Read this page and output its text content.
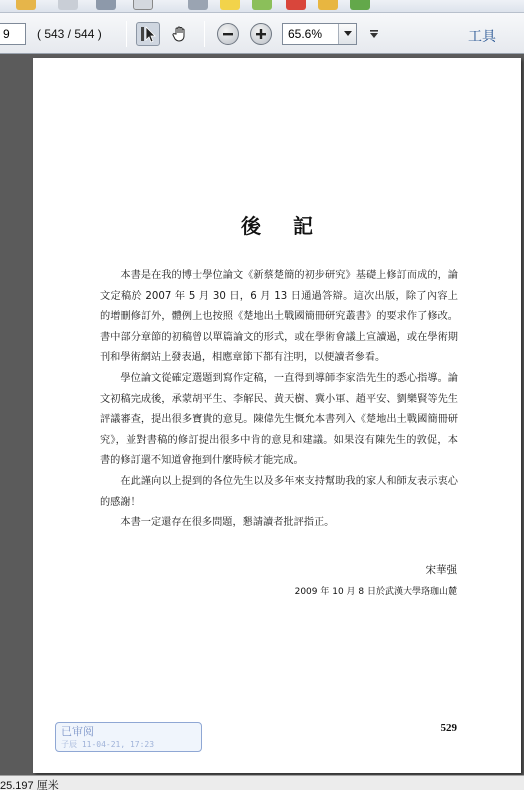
9	( 543 / 544 )	65.6%	工具
後記

本書是在我的博士學位論文《新蔡楚簡的初步研究》基礎上修訂而成的，論文定稿於 2007 年 5 月 30 日，6 月 13 日通過答辯。這次出版，除了內容上的增刪修訂外，體例上也按照《楚地出土戰國簡冊研究叢書》的要求作了修改。書中部分章節的初稿曾以單篇論文的形式，或在學術會議上宣讀過，或在學術期刊和學術網站上發表過，相應章節下都有注明，以便讀者參看。

學位論文從確定選題到寫作定稿，一直得到導師李家浩先生的悉心指導。論文初稿完成後，承蒙胡平生、李解民、黄天樹、冀小軍、趙平安、劉樂賢等先生評議審查，提出很多寶貴的意見。陳偉先生慨允本書列入《楚地出土戰國簡冊研究》，並對書稿的修訂提出很多中肯的意見和建議。如果沒有陳先生的敦促，本書的修訂還不知道會拖到什麼時候才能完成。

在此謹向以上提到的各位先生以及多年來支持幫助我的家人和師友表示衷心的感謝！

本書一定還存在很多問題，懇請讀者批評指正。

宋華强
2009 年 10 月 8 日於武漢大學珞珈山麓
529
已审阅
子辰 11-04-21, 17:23
25.197 厘米
